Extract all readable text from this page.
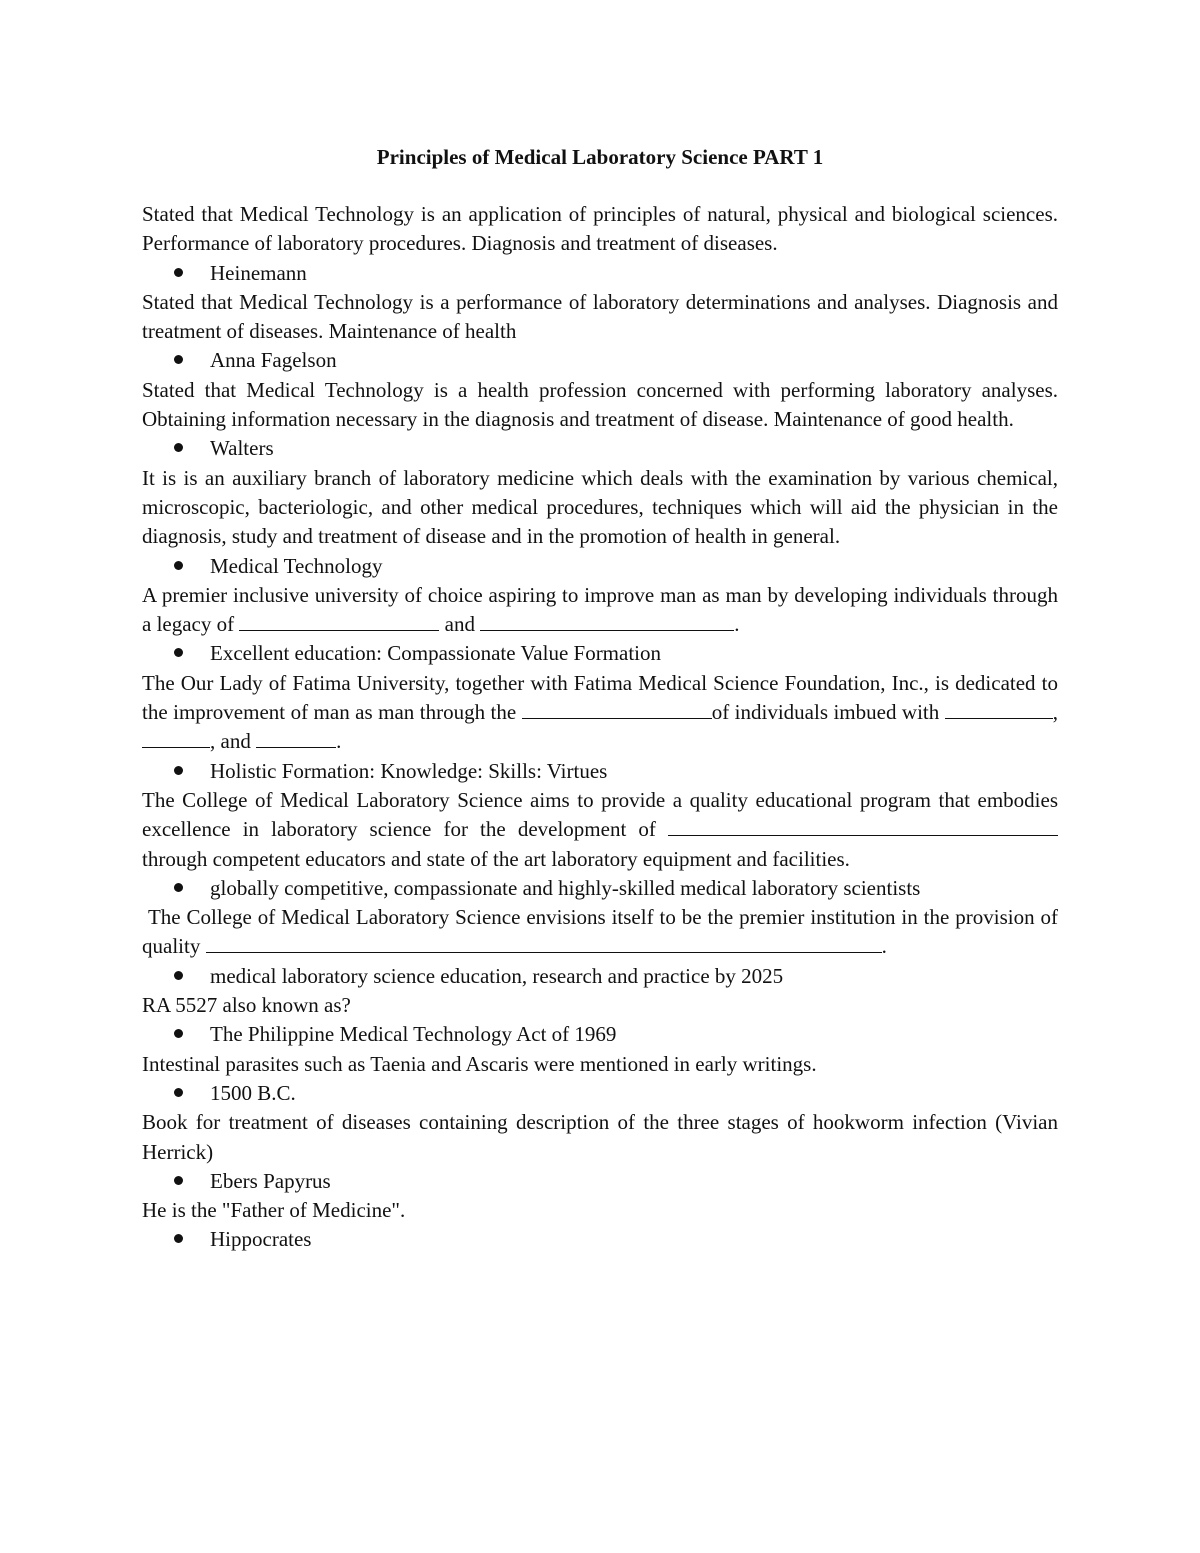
Principles of Medical Laboratory Science PART 1

Stated that Medical Technology is an application of principles of natural, physical and biological sciences. Performance of laboratory procedures. Diagnosis and treatment of diseases.

Heinemann

Stated that Medical Technology is a performance of laboratory determinations and analyses. Diagnosis and treatment of diseases. Maintenance of health

Anna Fagelson

Stated that Medical Technology is a health profession concerned with performing laboratory analyses. Obtaining information necessary in the diagnosis and treatment of disease. Maintenance of good health.

Walters

It is is an auxiliary branch of laboratory medicine which deals with the examination by various chemical, microscopic, bacteriologic, and other medical procedures, techniques which will aid the physician in the diagnosis, study and treatment of disease and in the promotion of health in general.

Medical Technology

A premier inclusive university of choice aspiring to improve man as man by developing individuals through a legacy of	and	.

Excellent education: Compassionate Value Formation

The Our Lady of Fatima University, together with Fatima Medical Science Foundation, Inc., is dedicated to the improvement of man as man through the	of individuals imbued with	, , and	.

Holistic Formation: Knowledge: Skills: Virtues

The College of Medical Laboratory Science aims to provide a quality educational program that embodies excellence in laboratory science for the development of  through competent educators and state of the art laboratory equipment and facilities.

globally competitive, compassionate and highly-skilled medical laboratory scientists

The College of Medical Laboratory Science envisions itself to be the premier institution in the provision of quality	.

medical laboratory science education, research and practice by 2025

RA 5527 also known as?

The Philippine Medical Technology Act of 1969

Intestinal parasites such as Taenia and Ascaris were mentioned in early writings.

1500 B.C.

Book for treatment of diseases containing description of the three stages of hookworm infection (Vivian Herrick)

Ebers Papyrus

He is the "Father of Medicine".

Hippocrates
